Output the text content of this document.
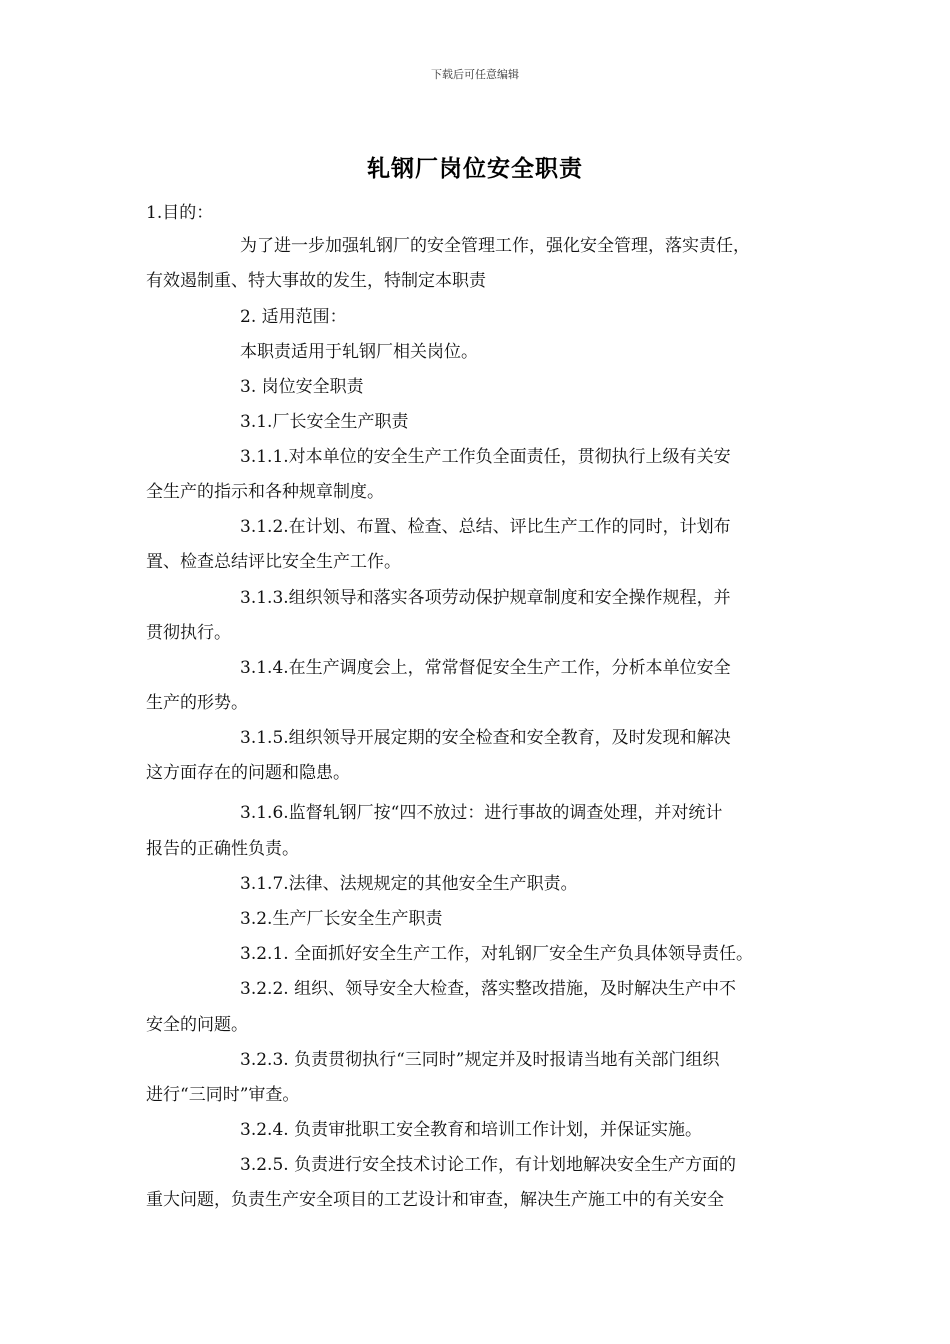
下载后可任意编辑
轧钢厂岗位安全职责
1.目的：
为了进一步加强轧钢厂的安全管理工作，强化安全管理，落实责任，
有效遏制重、特大事故的发生，特制定本职责
2. 适用范围：
本职责适用于轧钢厂相关岗位。
3. 岗位安全职责
3.1.厂长安全生产职责
3.1.1.对本单位的安全生产工作负全面责任，贯彻执行上级有关安
全生产的指示和各种规章制度。
3.1.2.在计划、布置、检查、总结、评比生产工作的同时，计划布
置、检查总结评比安全生产工作。
3.1.3.组织领导和落实各项劳动保护规章制度和安全操作规程，并
贯彻执行。
3.1.4.在生产调度会上，常常督促安全生产工作，分析本单位安全
生产的形势。
3.1.5.组织领导开展定期的安全检查和安全教育，及时发现和解决
这方面存在的问题和隐患。
3.1.6.监督轧钢厂按“四不放过：进行事故的调查处理，并对统计
报告的正确性负责。
3.1.7.法律、法规规定的其他安全生产职责。
3.2.生产厂长安全生产职责
3.2.1. 全面抓好安全生产工作，对轧钢厂安全生产负具体领导责任。
3.2.2. 组织、领导安全大检查，落实整改措施，及时解决生产中不
安全的问题。
3.2.3. 负责贯彻执行“三同时”规定并及时报请当地有关部门组织
进行“三同时”审查。
3.2.4. 负责审批职工安全教育和培训工作计划，并保证实施。
3.2.5. 负责进行安全技术讨论工作，有计划地解决安全生产方面的
重大问题，负责生产安全项目的工艺设计和审查，解决生产施工中的有关安全
